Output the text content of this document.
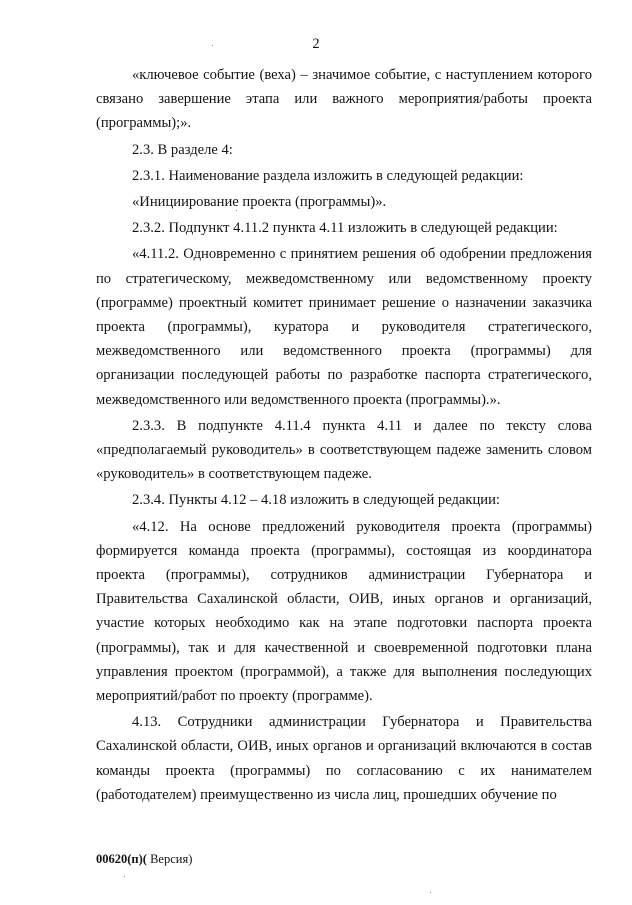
2

«ключевое событие (веха) – значимое событие, с наступлением которого связано завершение этапа или важного мероприятия/работы проекта (программы);».

2.3. В разделе 4:

2.3.1. Наименование раздела изложить в следующей редакции:

«Инициирование проекта (программы)».

2.3.2. Подпункт 4.11.2 пункта 4.11 изложить в следующей редакции:

«4.11.2. Одновременно с принятием решения об одобрении предложения по стратегическому, межведомственному или ведомственному проекту (программе) проектный комитет принимает решение о назначении заказчика проекта (программы), куратора и руководителя стратегического, межведомственного или ведомственного проекта (программы) для организации последующей работы по разработке паспорта стратегического, межведомственного или ведомственного проекта (программы).».

2.3.3. В подпункте 4.11.4 пункта 4.11 и далее по тексту слова «предполагаемый руководитель» в соответствующем падеже заменить словом «руководитель» в соответствующем падеже.

2.3.4. Пункты 4.12 – 4.18 изложить в следующей редакции:

«4.12. На основе предложений руководителя проекта (программы) формируется команда проекта (программы), состоящая из координатора проекта (программы), сотрудников администрации Губернатора и Правительства Сахалинской области, ОИВ, иных органов и организаций, участие которых необходимо как на этапе подготовки паспорта проекта (программы), так и для качественной и своевременной подготовки плана управления проектом (программой), а также для выполнения последующих мероприятий/работ по проекту (программе).

4.13. Сотрудники администрации Губернатора и Правительства Сахалинской области, ОИВ, иных органов и организаций включаются в состав команды проекта (программы) по согласованию с их нанимателем (работодателем) преимущественно из числа лиц, прошедших обучение по

00620(п)( Версия)
